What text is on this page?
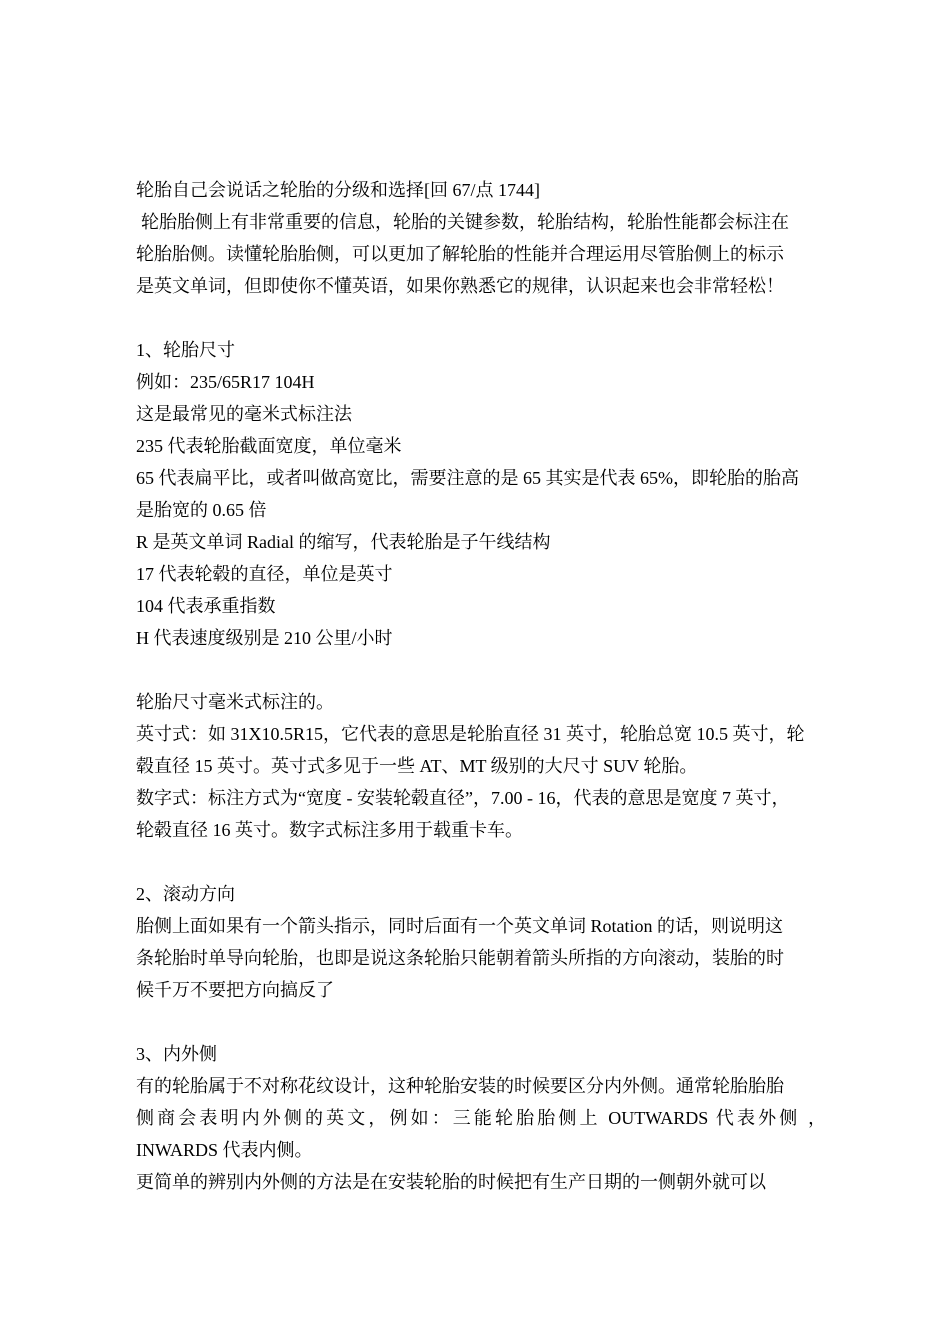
轮胎自己会说话之轮胎的分级和选择[回 67/点 1744]
轮胎胎侧上有非常重要的信息，轮胎的关键参数，轮胎结构，轮胎性能都会标注在
轮胎胎侧。读懂轮胎胎侧，可以更加了解轮胎的性能并合理运用尽管胎侧上的标示
是英文单词，但即使你不懂英语，如果你熟悉它的规律，认识起来也会非常轻松！
1、轮胎尺寸
例如：235/65R17 104H
这是最常见的毫米式标注法
235 代表轮胎截面宽度，单位毫米
65 代表扁平比，或者叫做高宽比，需要注意的是 65 其实是代表 65%，即轮胎的胎高
是胎宽的 0.65 倍
R 是英文单词 Radial 的缩写，代表轮胎是子午线结构
17 代表轮毂的直径，单位是英寸
104 代表承重指数
H 代表速度级别是 210 公里/小时
轮胎尺寸毫米式标注的。
英寸式：如 31X10.5R15，它代表的意思是轮胎直径 31 英寸，轮胎总宽 10.5 英寸，轮
毂直径 15 英寸。英寸式多见于一些 AT、MT 级别的大尺寸 SUV 轮胎。
数字式：标注方式为“宽度 - 安装轮毂直径”，7.00 - 16，代表的意思是宽度 7 英寸，
轮毂直径 16 英寸。数字式标注多用于载重卡车。
2、滚动方向
胎侧上面如果有一个箭头指示，同时后面有一个英文单词 Rotation 的话，则说明这
条轮胎时单导向轮胎，也即是说这条轮胎只能朝着箭头所指的方向滚动，装胎的时
候千万不要把方向搞反了
3、内外侧
有的轮胎属于不对称花纹设计，这种轮胎安装的时候要区分内外侧。通常轮胎胎胎
侧商会表明内外侧的英文，例如：三能轮胎胎侧上 OUTWARDS 代表外侧 ，
INWARDS 代表内侧。
更简单的辨别内外侧的方法是在安装轮胎的时候把有生产日期的一侧朝外就可以
